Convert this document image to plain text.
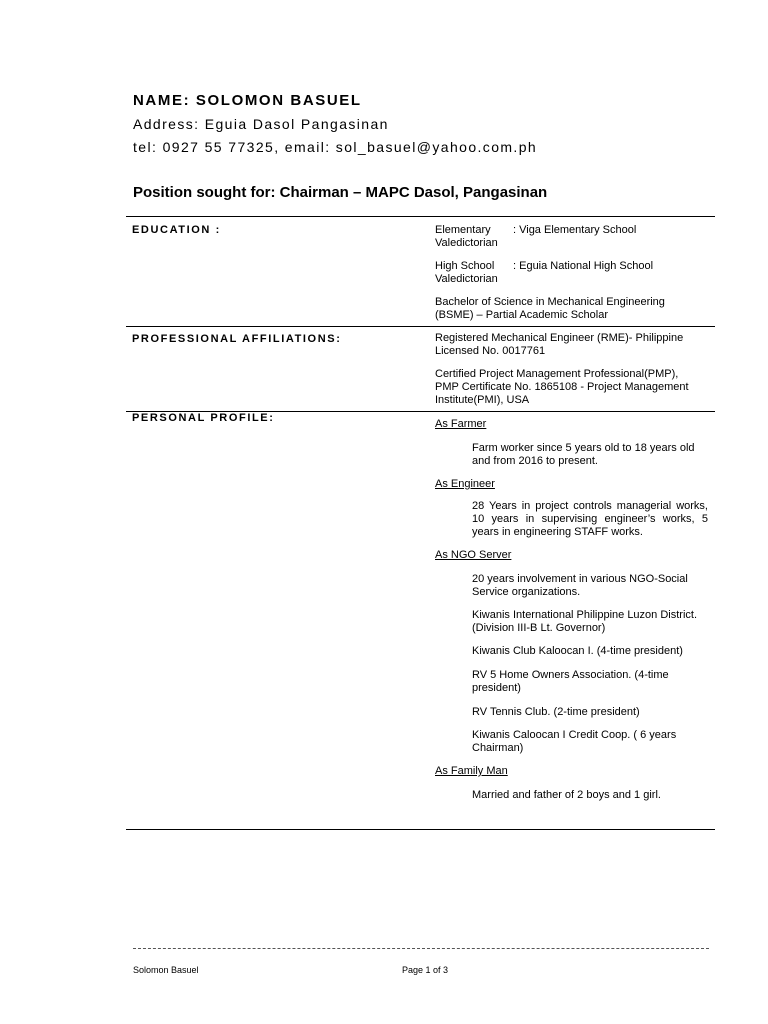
NAME: SOLOMON BASUEL
Address: Eguia Dasol Pangasinan
tel: 0927 55 77325, email: sol_basuel@yahoo.com.ph
Position sought for: Chairman – MAPC Dasol, Pangasinan
EDUCATION :	Elementary : Viga Elementary School
Valedictorian
High School : Eguia National High School
Valedictorian
Bachelor of Science in Mechanical Engineering
(BSME) – Partial Academic Scholar
PROFESSIONAL AFFILIATIONS:	Registered Mechanical Engineer (RME)- Philippine
Licensed No. 0017761
Certified Project Management Professional(PMP),
PMP Certificate No. 1865108 - Project Management
Institute(PMI), USA
PERSONAL PROFILE:	As Farmer
Farm worker since 5 years old to 18 years old and from 2016 to present.
As Engineer
28 Years in project controls managerial works, 10 years in supervising engineer’s works, 5 years in engineering STAFF works.
As NGO Server
20 years involvement in various NGO-Social Service organizations.
Kiwanis International Philippine Luzon District. (Division III-B Lt. Governor)
Kiwanis Club Kaloocan I. (4-time president)
RV 5 Home Owners Association. (4-time president)
RV Tennis Club. (2-time president)
Kiwanis Caloocan I Credit Coop. ( 6 years Chairman)
As Family Man
Married and father of 2 boys and 1 girl.
Solomon Basuel	Page 1 of 3
